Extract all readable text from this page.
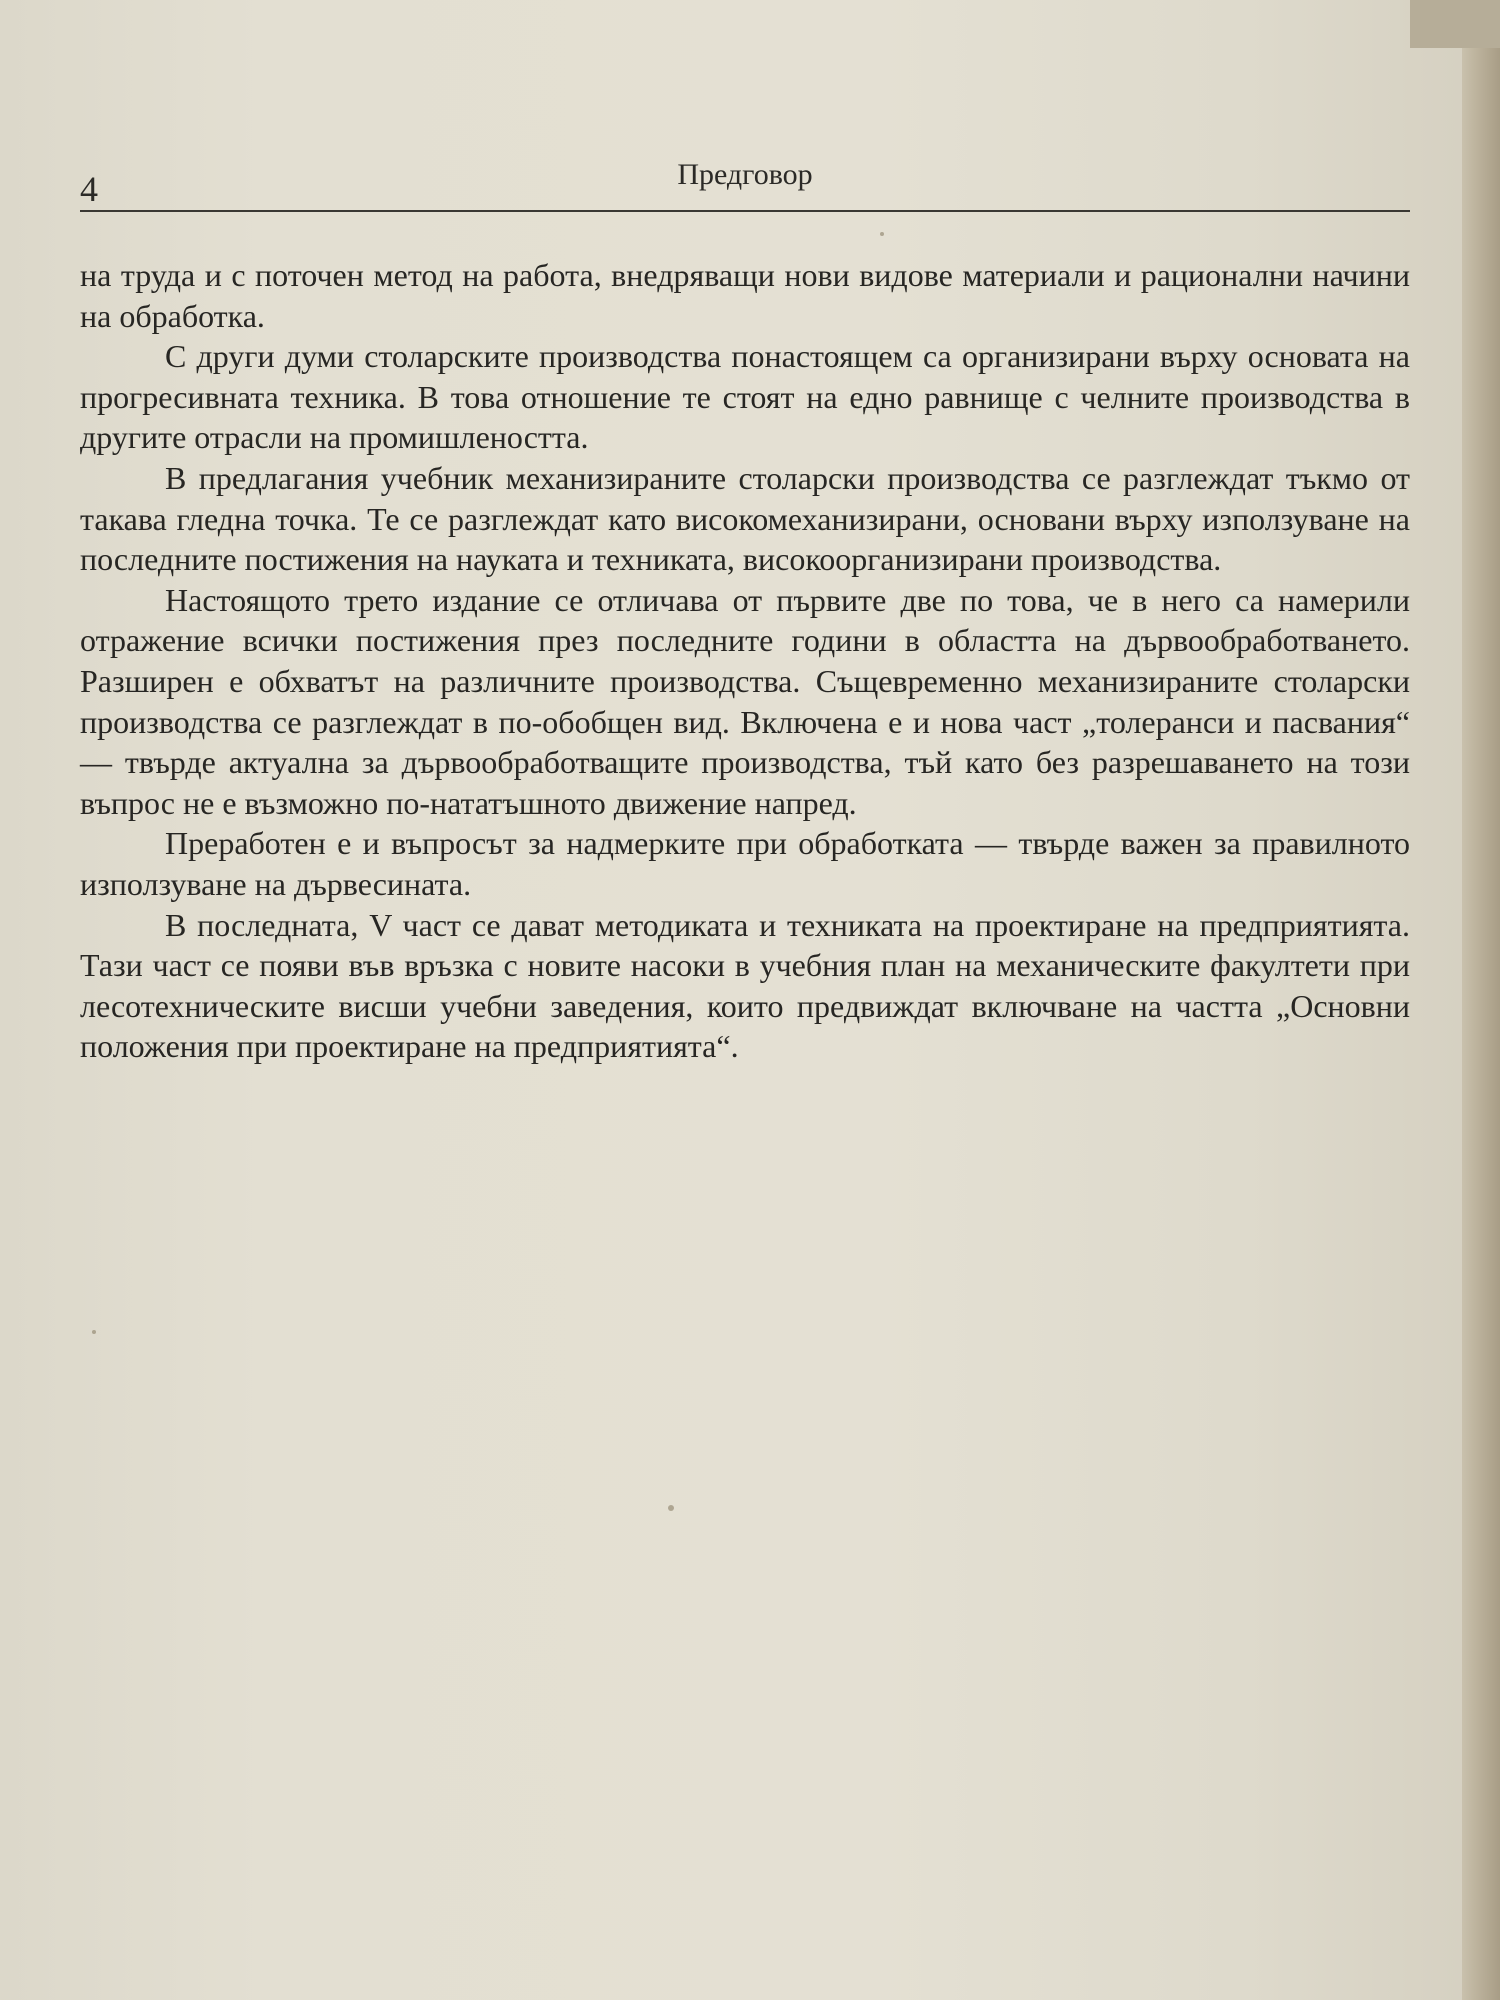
4	Предговор

на труда и с поточен метод на работа, внедряващи нови видове материали и рационални начини на обработка.

С други думи столарските производства понастоящем са организирани върху основата на прогресивната техника. В това отношение те стоят на едно равнище с челните производства в другите отрасли на промишлеността.

В предлагания учебник механизираните столарски производства се разглеждат тъкмо от такава гледна точка. Те се разглеждат като високомеханизирани, основани върху използуване на последните постижения на науката и техниката, високоорганизирани производства.

Настоящото трето издание се отличава от първите две по това, че в него са намерили отражение всички постижения през последните години в областта на дървообработването. Разширен е обхватът на различните производства. Същевременно механизираните столарски производства се разглеждат в по-обобщен вид. Включена е и нова част „толеранси и пасвания“ — твърде актуална за дървообработващите производства, тъй като без разрешаването на този въпрос не е възможно по-нататъшното движение напред.

Преработен е и въпросът за надмерките при обработката — твърде важен за правилното използуване на дървесината.

В последната, V част се дават методиката и техниката на проектиране на предприятията. Тази част се появи във връзка с новите насоки в учебния план на механическите факултети при лесотехническите висши учебни заведения, които предвиждат включване на частта „Основни положения при проектиране на предприятията“.
